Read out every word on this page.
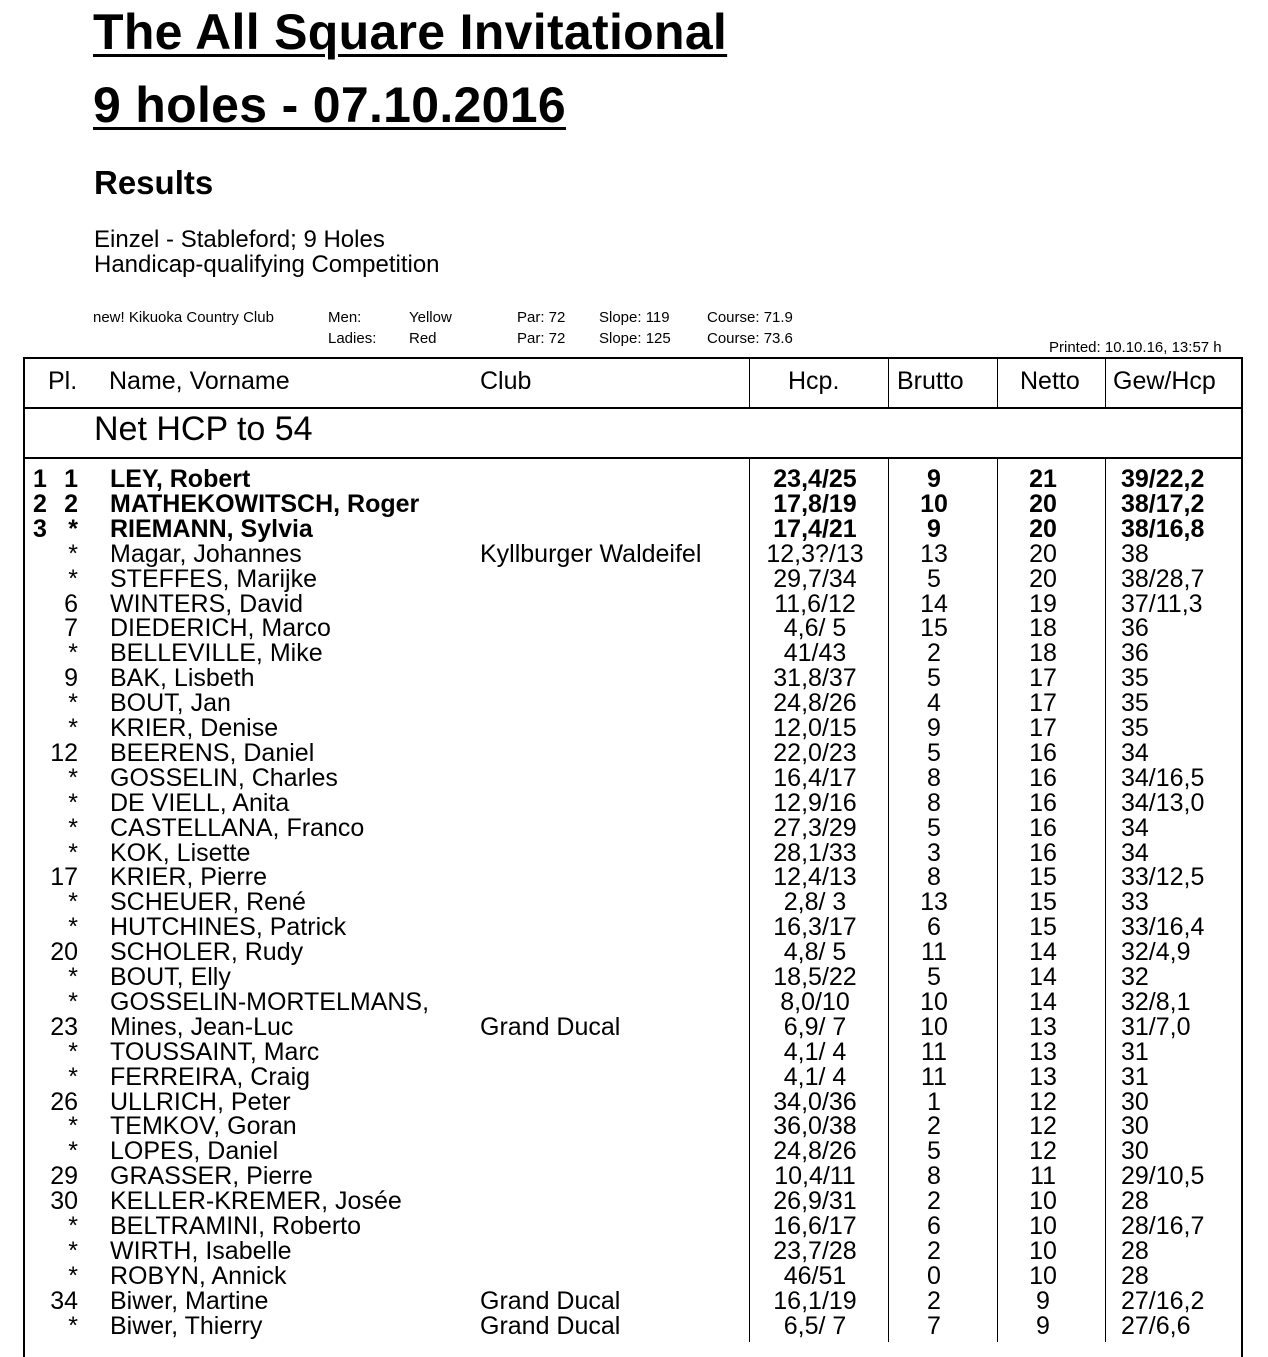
The All Square Invitational
9 holes - 07.10.2016
Results
Einzel - Stableford; 9 Holes
Handicap-qualifying Competition
new! Kikuoka Country Club	Men:	Yellow	Par: 72 Slope: 119 Course: 71.9
Ladies: Red	Par: 72 Slope: 125 Course: 73.6
Printed: 10.10.16, 13:57 h
Pl. Name, Vorname	Club	Hcp. Brutto Netto Gew/Hcp
Net HCP to 54
1 1 LEY, Robert	23,4/25	9	21	39/22,2
2 2 MATHEKOWITSCH, Roger	17,8/19	10	20	38/17,2
3 * RIEMANN, Sylvia	17,4/21	9	20	38/16,8
* Magar, Johannes	Kyllburger Waldeifel	12,3?/13	13	20	38
* STEFFES, Marijke	29,7/34	5	20	38/28,7
6 WINTERS, David	11,6/12	14	19	37/11,3
7 DIEDERICH, Marco	4,6/ 5	15	18	36
* BELLEVILLE, Mike	41/43	2	18	36
9 BAK, Lisbeth	31,8/37	5	17	35
* BOUT, Jan	24,8/26	4	17	35
* KRIER, Denise	12,0/15	9	17	35
12 BEERENS, Daniel	22,0/23	5	16	34
* GOSSELIN, Charles	16,4/17	8	16	34/16,5
* DE VIELL, Anita	12,9/16	8	16	34/13,0
* CASTELLANA, Franco	27,3/29	5	16	34
* KOK, Lisette	28,1/33	3	16	34
17 KRIER, Pierre	12,4/13	8	15	33/12,5
* SCHEUER, René	2,8/ 3	13	15	33
* HUTCHINES, Patrick	16,3/17	6	15	33/16,4
20 SCHOLER, Rudy	4,8/ 5	11	14	32/4,9
* BOUT, Elly	18,5/22	5	14	32
* GOSSELIN-MORTELMANS,	8,0/10	10	14	32/8,1
23 Mines, Jean-Luc	Grand Ducal	6,9/ 7	10	13	31/7,0
* TOUSSAINT, Marc	4,1/ 4	11	13	31
* FERREIRA, Craig	4,1/ 4	11	13	31
26 ULLRICH, Peter	34,0/36	1	12	30
* TEMKOV, Goran	36,0/38	2	12	30
* LOPES, Daniel	24,8/26	5	12	30
29 GRASSER, Pierre	10,4/11	8	11	29/10,5
30 KELLER-KREMER, Josée	26,9/31	2	10	28
* BELTRAMINI, Roberto	16,6/17	6	10	28/16,7
* WIRTH, Isabelle	23,7/28	2	10	28
* ROBYN, Annick	46/51	0	10	28
34 Biwer, Martine	Grand Ducal	16,1/19	2	9	27/16,2
* Biwer, Thierry	Grand Ducal	6,5/ 7	7	9	27/6,6
